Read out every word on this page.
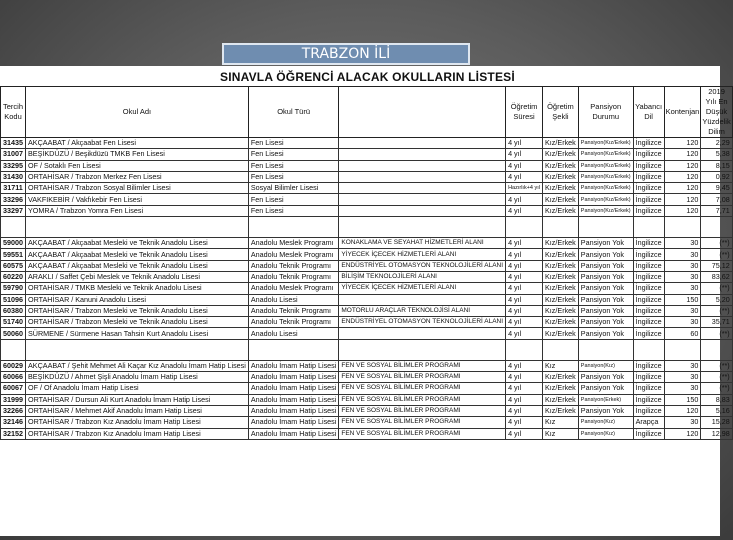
TRABZON İLİ
SINAVLA ÖĞRENCİ ALACAK OKULLARIN LİSTESİ
Tercih Kodu	Okul Adı	Okul Türü		Öğretim Süresi	Öğretim Şekli	Pansiyon Durumu	Yabancı Dil	Kontenjan	2019 Yılı En Düşük Yüzdelik Dilim
31435	AKÇAABAT / Akçaabat Fen Lisesi	Fen Lisesi		4 yıl	Kız/Erkek	Pansiyon(Kız/Erkek)	İngilizce	120	2,29
31007	BEŞİKDÜZÜ / Beşikdüzü TMKB Fen Lisesi	Fen Lisesi		4 yıl	Kız/Erkek	Pansiyon(Kız/Erkek)	İngilizce	120	5,38
33295	OF / Sotaklı Fen Lisesi	Fen Lisesi		4 yıl	Kız/Erkek	Pansiyon(Kız/Erkek)	İngilizce	120	8,15
31430	ORTAHİSAR / Trabzon Merkez Fen Lisesi	Fen Lisesi		4 yıl	Kız/Erkek	Pansiyon(Kız/Erkek)	İngilizce	120	0,92
31711	ORTAHİSAR / Trabzon Sosyal Bilimler Lisesi	Sosyal Bilimler Lisesi		Hazırlık+4 yıl	Kız/Erkek	Pansiyon(Kız/Erkek)	İngilizce	120	9,45
33296	VAKFIKEBİR / Vakfıkebir Fen Lisesi	Fen Lisesi		4 yıl	Kız/Erkek	Pansiyon(Kız/Erkek)	İngilizce	120	7,08
33297	YOMRA / Trabzon Yomra Fen Lisesi	Fen Lisesi		4 yıl	Kız/Erkek	Pansiyon(Kız/Erkek)	İngilizce	120	7,71

59000	AKÇAABAT / Akçaabat Mesleki ve Teknik Anadolu Lisesi	Anadolu Meslek Programı	KONAKLAMA VE SEYAHAT HİZMETLERİ ALANI	4 yıl	Kız/Erkek	Pansiyon Yok	İngilizce	30	(**)
59551	AKÇAABAT / Akçaabat Mesleki ve Teknik Anadolu Lisesi	Anadolu Meslek Programı	YİYECEK İÇECEK HİZMETLERİ ALANI	4 yıl	Kız/Erkek	Pansiyon Yok	İngilizce	30	(**)
60575	AKÇAABAT / Akçaabat Mesleki ve Teknik Anadolu Lisesi	Anadolu Teknik Programı	ENDÜSTRİYEL OTOMASYON TEKNOLOJİLERİ ALANI	4 yıl	Kız/Erkek	Pansiyon Yok	İngilizce	30	75,12
60220	ARAKLI / Saffet Çebi Meslek ve Teknik Anadolu Lisesi	Anadolu Teknik Programı	BİLİŞİM TEKNOLOJİLERİ ALANI	4 yıl	Kız/Erkek	Pansiyon Yok	İngilizce	30	83,62
59790	ORTAHİSAR / TMKB Mesleki ve Teknik Anadolu Lisesi	Anadolu Meslek Programı	YİYECEK İÇECEK HİZMETLERİ ALANI	4 yıl	Kız/Erkek	Pansiyon Yok	İngilizce	30	(**)
51096	ORTAHİSAR / Kanuni Anadolu Lisesi	Anadolu Lisesi		4 yıl	Kız/Erkek	Pansiyon Yok	İngilizce	150	5,20
60380	ORTAHİSAR / Trabzon Mesleki ve Teknik Anadolu Lisesi	Anadolu Teknik Programı	MOTORLU ARAÇLAR TEKNOLOJİSİ ALANI	4 yıl	Kız/Erkek	Pansiyon Yok	İngilizce	30	(**)
51740	ORTAHİSAR / Trabzon Mesleki ve Teknik Anadolu Lisesi	Anadolu Teknik Programı	ENDÜSTRİYEL OTOMASYON TEKNOLOJİLERİ ALANI	4 yıl	Kız/Erkek	Pansiyon Yok	İngilizce	30	35,71
50060	SÜRMENE / Sürmene Hasan Tahsin Kurt Anadolu Lisesi	Anadolu Lisesi		4 yıl	Kız/Erkek	Pansiyon Yok	İngilizce	60	(**)

60029	AKÇAABAT / Şehit Mehmet Ali Kaçar Kız Anadolu İmam Hatip Lisesi	Anadolu İmam Hatip Lisesi	FEN VE SOSYAL BİLİMLER PROGRAMI	4 yıl	Kız	Pansiyon(Kız)	İngilizce	30	(**)
60066	BEŞİKDÜZÜ / Ahmet Şişli Anadolu İmam Hatip Lisesi	Anadolu İmam Hatip Lisesi	FEN VE SOSYAL BİLİMLER PROGRAMI	4 yıl	Kız/Erkek	Pansiyon Yok	İngilizce	30	(**)
60067	OF / Of Anadolu İmam Hatip Lisesi	Anadolu İmam Hatip Lisesi	FEN VE SOSYAL BİLİMLER PROGRAMI	4 yıl	Kız/Erkek	Pansiyon Yok	İngilizce	30	(**)
31999	ORTAHİSAR / Dursun Ali Kurt Anadolu İmam Hatip Lisesi	Anadolu İmam Hatip Lisesi	FEN VE SOSYAL BİLİMLER PROGRAMI	4 yıl	Kız/Erkek	Pansiyon(Erkek)	İngilizce	150	8,83
32266	ORTAHİSAR / Mehmet Akif Anadolu İmam Hatip Lisesi	Anadolu İmam Hatip Lisesi	FEN VE SOSYAL BİLİMLER PROGRAMI	4 yıl	Kız/Erkek	Pansiyon Yok	İngilizce	120	5,16
32146	ORTAHİSAR / Trabzon Kız Anadolu İmam Hatip Lisesi	Anadolu İmam Hatip Lisesi	FEN VE SOSYAL BİLİMLER PROGRAMI	4 yıl	Kız	Pansiyon(Kız)	Arapça	30	15,28
32152	ORTAHİSAR / Trabzon Kız Anadolu İmam Hatip Lisesi	Anadolu İmam Hatip Lisesi	FEN VE SOSYAL BİLİMLER PROGRAMI	4 yıl	Kız	Pansiyon(Kız)	İngilizce	120	12,98
